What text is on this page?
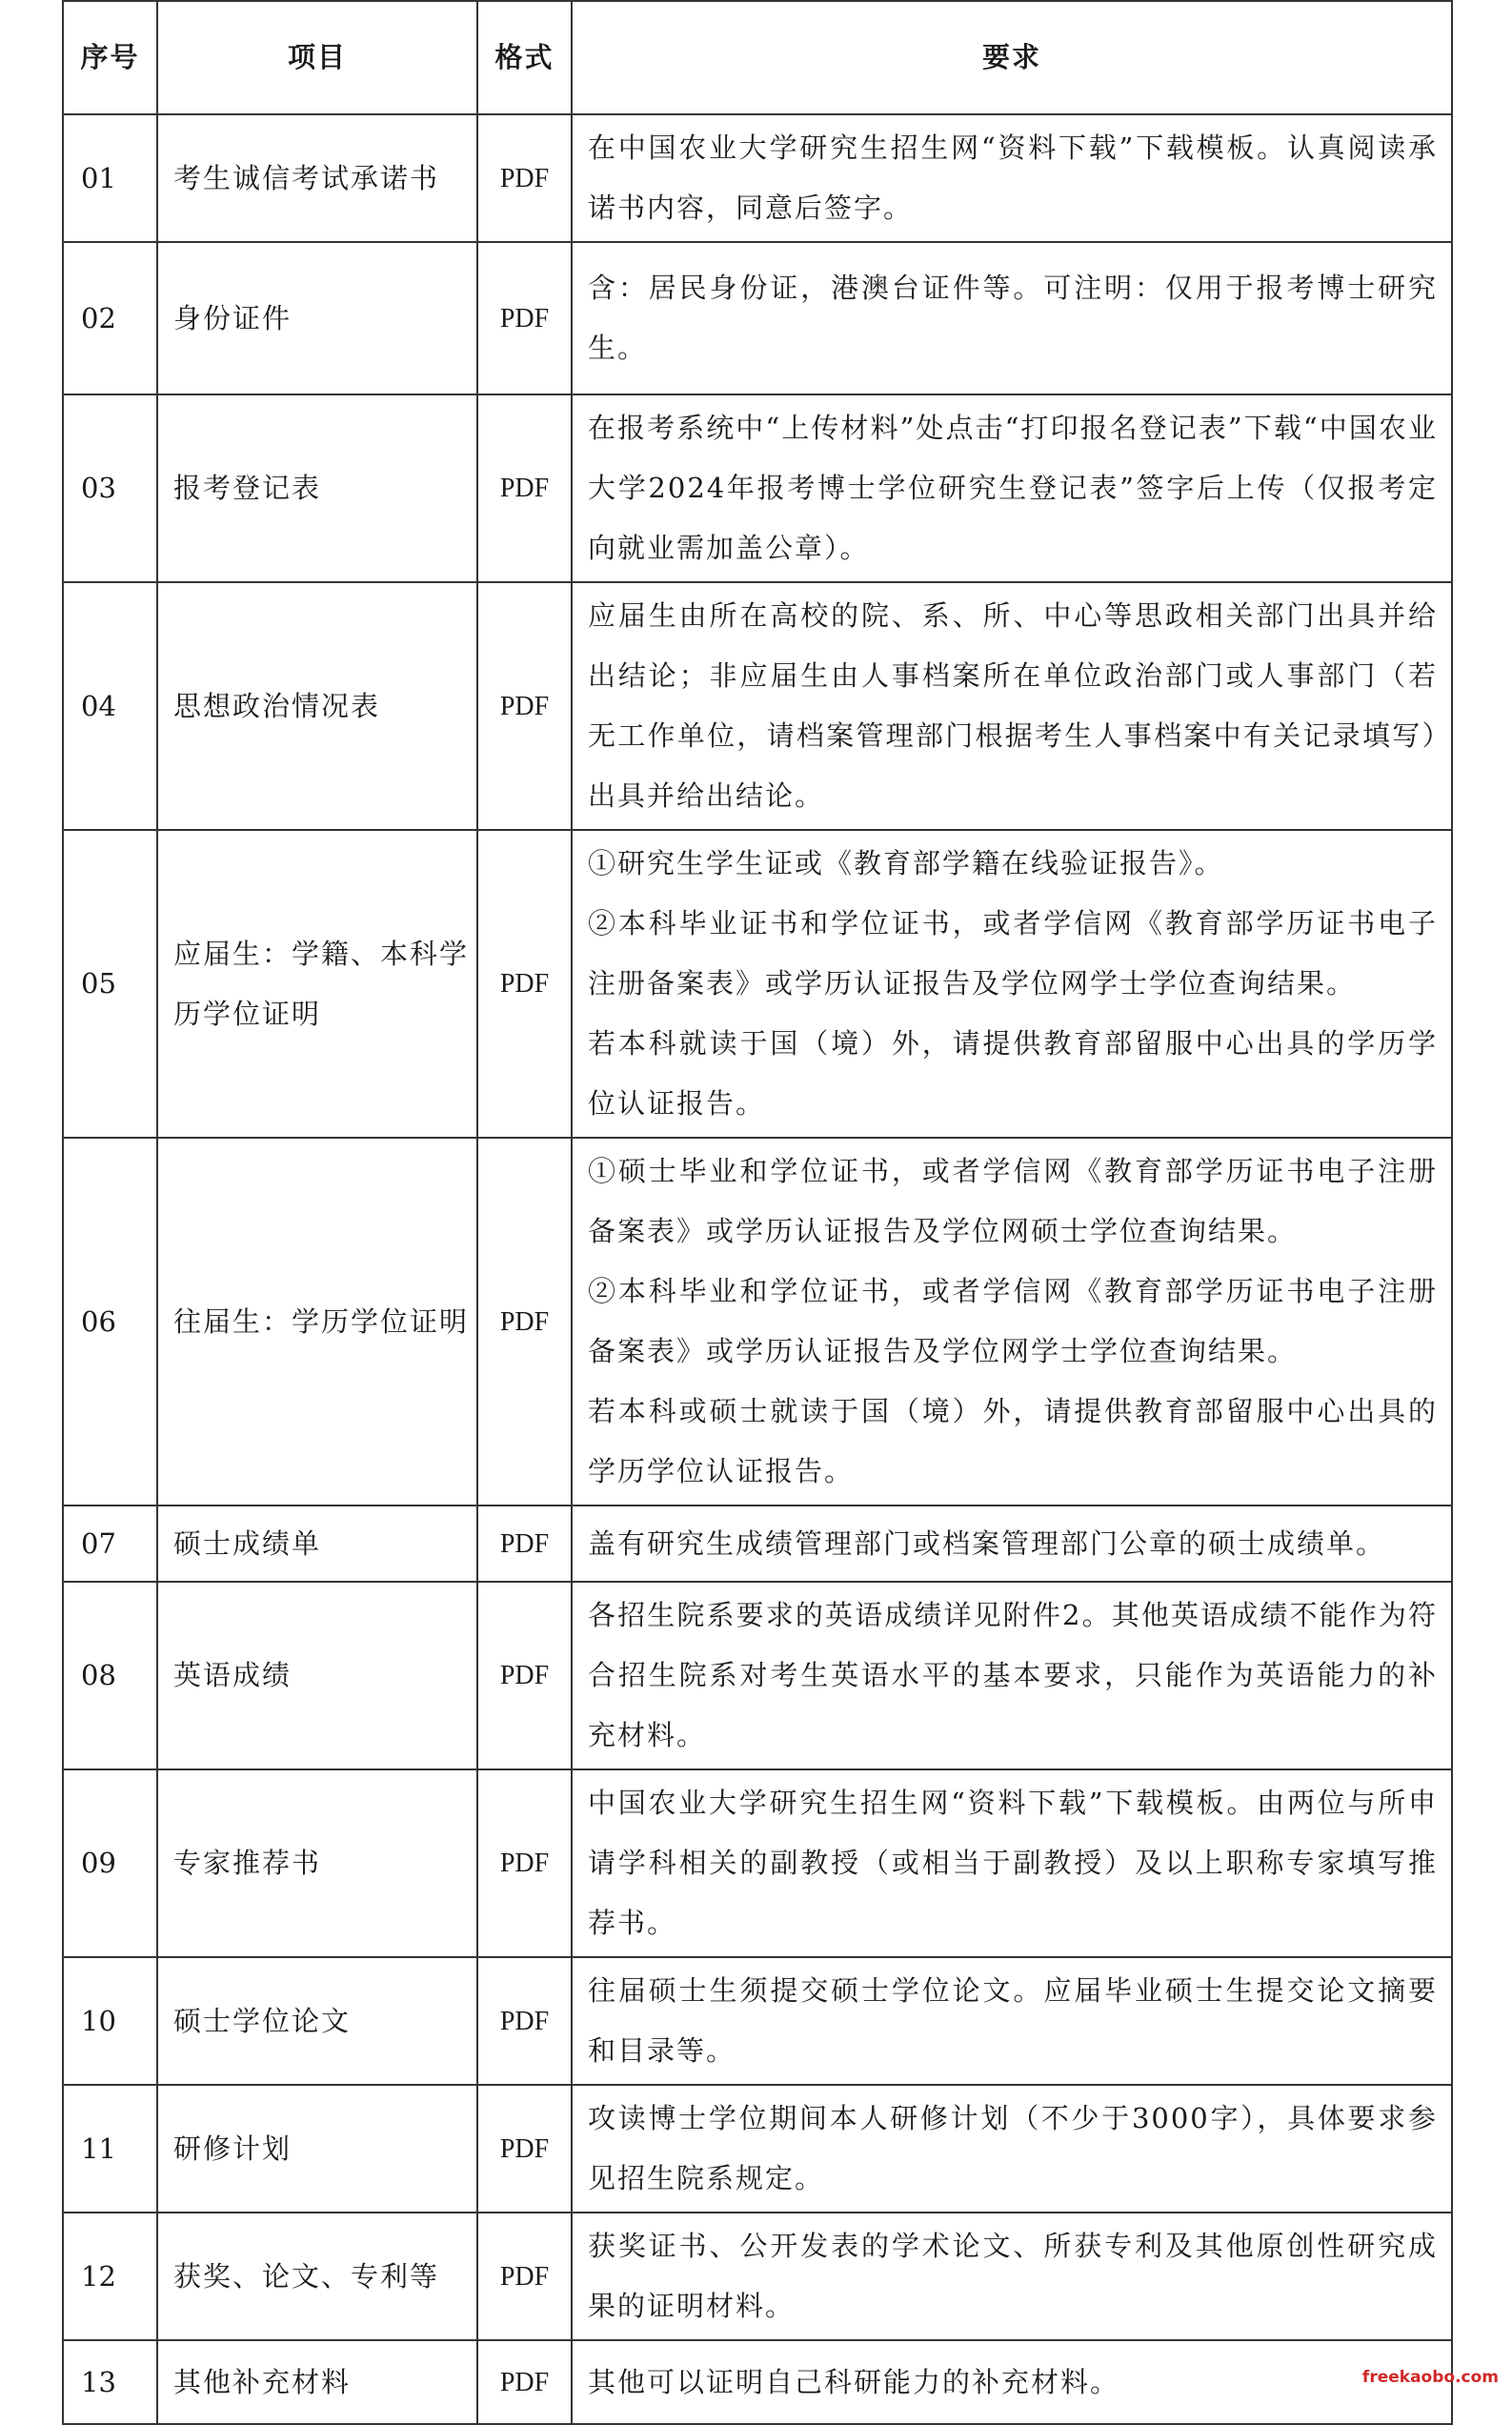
序号	项目	格式	要求
01	考生诚信考试承诺书	PDF	在中国农业大学研究生招生网“资料下载”下载模板。认真阅读承诺书内容，同意后签字。

02	身份证件	PDF	含：居民身份证，港澳台证件等。可注明：仅用于报考博士研究生。

03	报考登记表	PDF	在报考系统中“上传材料”处点击“打印报名登记表”下载“中国农业大学2024年报考博士学位研究生登记表”签字后上传（仅报考定向就业需加盖公章）。

04	思想政治情况表	PDF	应届生由所在高校的院、系、所、中心等思政相关部门出具并给出结论；非应届生由人事档案所在单位政治部门或人事部门（若无工作单位，请档案管理部门根据考生人事档案中有关记录填写）出具并给出结论。

05	应届生：学籍、本科学历学位证明	PDF	①研究生学生证或《教育部学籍在线验证报告》。
②本科毕业证书和学位证书，或者学信网《教育部学历证书电子注册备案表》或学历认证报告及学位网学士学位查询结果。
若本科就读于国（境）外，请提供教育部留服中心出具的学历学位认证报告。

06	往届生：学历学位证明	PDF	①硕士毕业和学位证书，或者学信网《教育部学历证书电子注册备案表》或学历认证报告及学位网硕士学位查询结果。
②本科毕业和学位证书，或者学信网《教育部学历证书电子注册备案表》或学历认证报告及学位网学士学位查询结果。
若本科或硕士就读于国（境）外，请提供教育部留服中心出具的学历学位认证报告。

07	硕士成绩单	PDF	盖有研究生成绩管理部门或档案管理部门公章的硕士成绩单。

08	英语成绩	PDF	各招生院系要求的英语成绩详见附件2。其他英语成绩不能作为符合招生院系对考生英语水平的基本要求，只能作为英语能力的补充材料。

09	专家推荐书	PDF	中国农业大学研究生招生网“资料下载”下载模板。由两位与所申请学科相关的副教授（或相当于副教授）及以上职称专家填写推荐书。

10	硕士学位论文	PDF	往届硕士生须提交硕士学位论文。应届毕业硕士生提交论文摘要和目录等。

11	研修计划	PDF	攻读博士学位期间本人研修计划（不少于3000字），具体要求参见招生院系规定。

12	获奖、论文、专利等	PDF	获奖证书、公开发表的学术论文、所获专利及其他原创性研究成果的证明材料。

13	其他补充材料	PDF	其他可以证明自己科研能力的补充材料。	freekaobo.com
